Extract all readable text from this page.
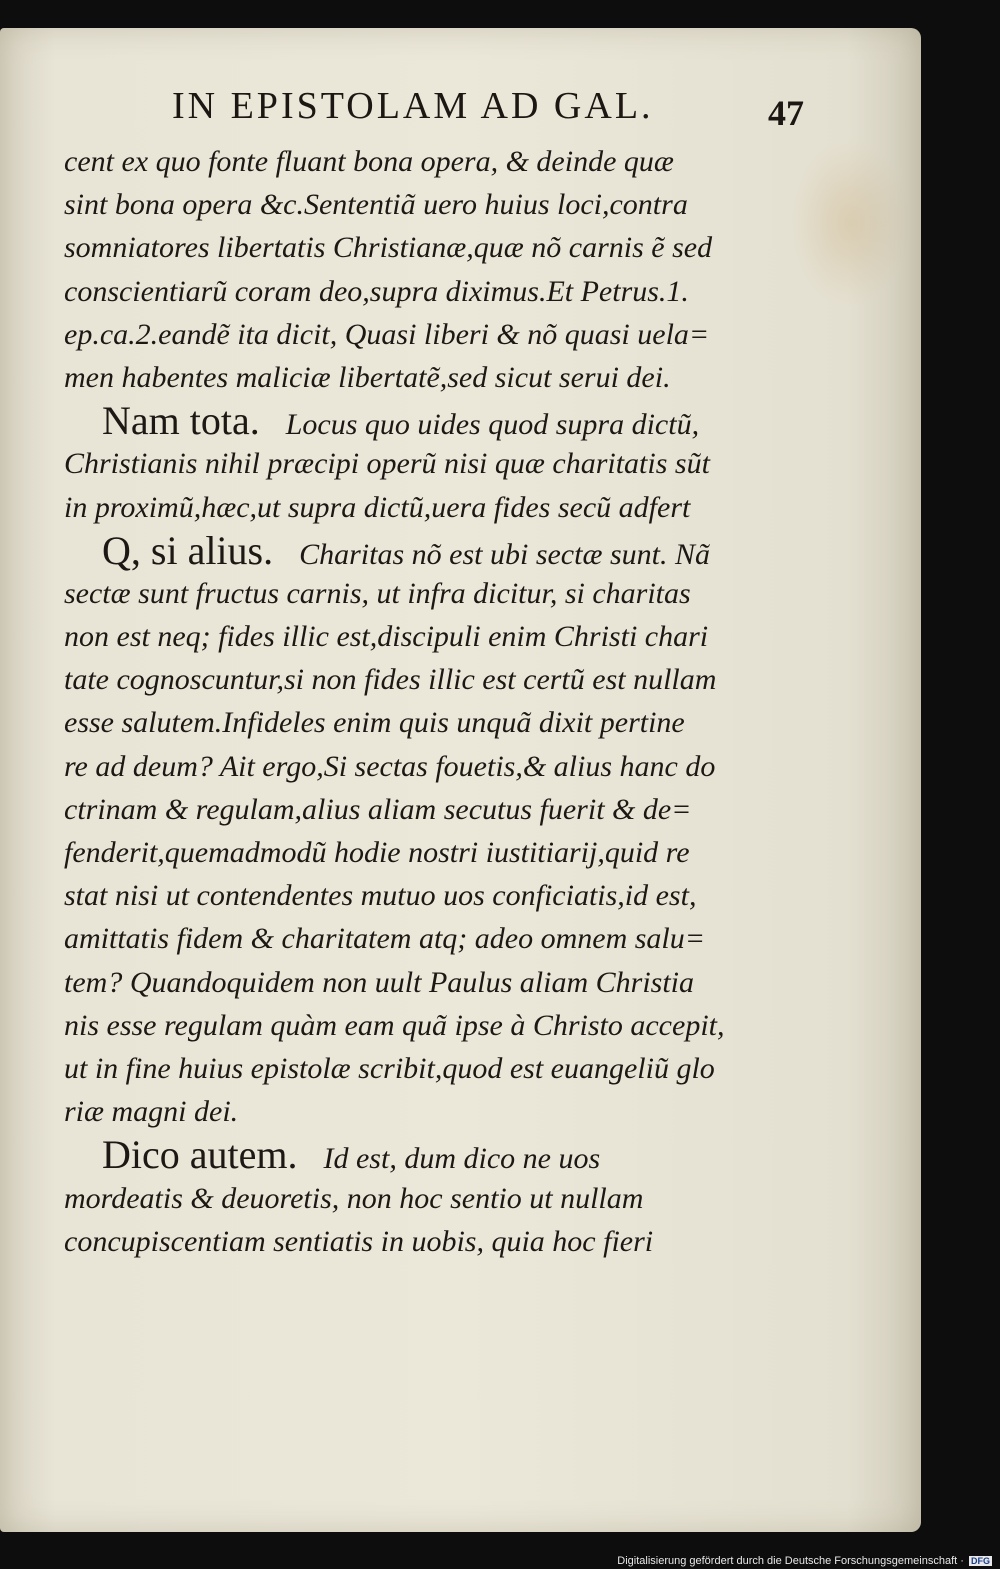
IN EPISTOLAM AD GAL.	47
cent ex quo fonte fluant bona opera, & deinde quæ
sint bona opera &c.Sententiã uero huius loci,contra
somniatores libertatis Christianæ,quæ nõ carnis ẽ sed
conscientiarũ coram deo,supra diximus.Et Petrus.1.
ep.ca.2.eandẽ ita dicit, Quasi liberi & nõ quasi uela=
men habentes maliciæ libertatẽ,sed sicut serui dei.
Nam tota. Locus quo uides quod supra dictũ,
Christianis nihil præcipi operũ nisi quæ charitatis sũt
in proximũ,hæc,ut supra dictũ,uera fides secũ adfert
Q, si alius. Charitas nõ est ubi sectæ sunt. Nã
sectæ sunt fructus carnis, ut infra dicitur, si charitas
non est neq; fides illic est,discipuli enim Christi chari
tate cognoscuntur,si non fides illic est certũ est nullam
esse salutem.Infideles enim quis unquã dixit pertine
re ad deum? Ait ergo,Si sectas fouetis,& alius hanc do
ctrinam & regulam,alius aliam secutus fuerit & de=
fenderit,quemadmodũ hodie nostri iustitiarij,quid re
stat nisi ut contendentes mutuo uos conficiatis,id est,
amittatis fidem & charitatem atq; adeo omnem salu=
tem? Quandoquidem non uult Paulus aliam Christia
nis esse regulam quàm eam quã ipse à Christo accepit,
ut in fine huius epistolæ scribit,quod est euangeliũ glo
riæ magni dei.
Dico autem. Id est, dum dico ne uos
mordeatis & deuoretis, non hoc sentio ut nullam
concupiscentiam sentiatis in uobis, quia hoc fieri
Digitalisierung gefördert durch die Deutsche Forschungsgemeinschaft · DFG
